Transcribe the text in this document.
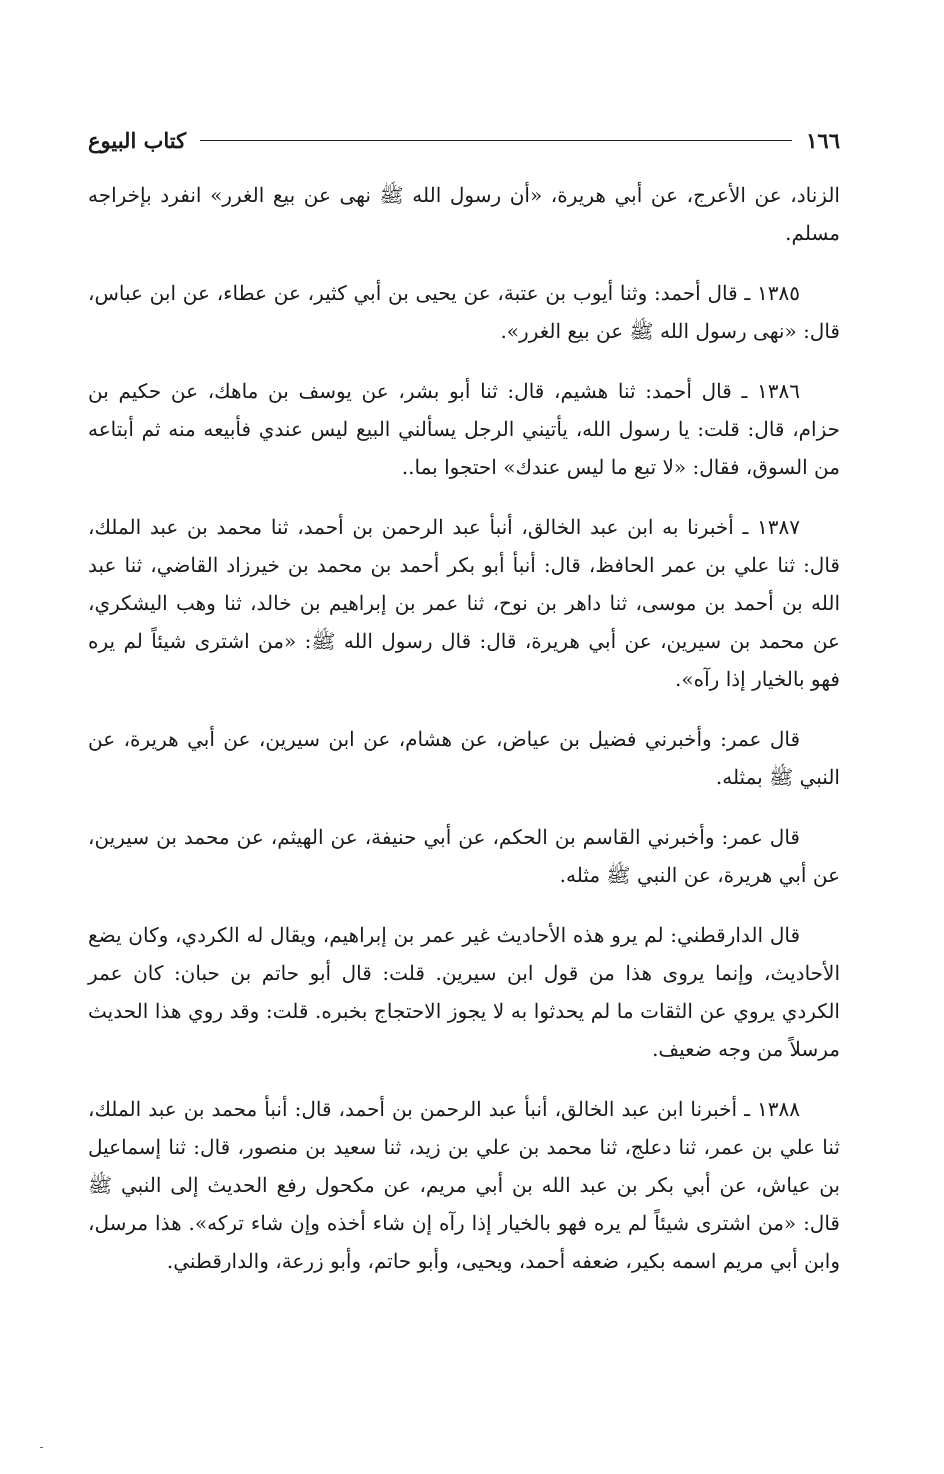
١٦٦
كتاب البيوع

الزناد، عن الأعرج، عن أبي هريرة، «أن رسول الله ﷺ نهى عن بيع الغرر» انفرد بإخراجه مسلم.

١٣٨٥ ـ قال أحمد: وثنا أيوب بن عتبة، عن يحيى بن أبي كثير، عن عطاء، عن ابن عباس، قال: «نهى رسول الله ﷺ عن بيع الغرر».

١٣٨٦ ـ قال أحمد: ثنا هشيم، قال: ثنا أبو بشر، عن يوسف بن ماهك، عن حكيم بن حزام، قال: قلت: يا رسول الله، يأتيني الرجل يسألني البيع ليس عندي فأبيعه منه ثم أبتاعه من السوق، فقال: «لا تبع ما ليس عندك» احتجوا بما..

١٣٨٧ ـ أخبرنا به ابن عبد الخالق، أنبأ عبد الرحمن بن أحمد، ثنا محمد بن عبد الملك، قال: ثنا علي بن عمر الحافظ، قال: أنبأ أبو بكر أحمد بن محمد بن خيرزاد القاضي، ثنا عبد الله بن أحمد بن موسى، ثنا داهر بن نوح، ثنا عمر بن إبراهيم بن خالد، ثنا وهب اليشكري، عن محمد بن سيرين، عن أبي هريرة، قال: قال رسول الله ﷺ: «من اشترى شيئاً لم يره فهو بالخيار إذا رآه».

قال عمر: وأخبرني فضيل بن عياض، عن هشام، عن ابن سيرين، عن أبي هريرة، عن النبي ﷺ بمثله.

قال عمر: وأخبرني القاسم بن الحكم، عن أبي حنيفة، عن الهيثم، عن محمد بن سيرين، عن أبي هريرة، عن النبي ﷺ مثله.

قال الدارقطني: لم يرو هذه الأحاديث غير عمر بن إبراهيم، ويقال له الكردي، وكان يضع الأحاديث، وإنما يروى هذا من قول ابن سيرين. قلت: قال أبو حاتم بن حبان: كان عمر الكردي يروي عن الثقات ما لم يحدثوا به لا يجوز الاحتجاج بخبره. قلت: وقد روي هذا الحديث مرسلاً من وجه ضعيف.

١٣٨٨ ـ أخبرنا ابن عبد الخالق، أنبأ عبد الرحمن بن أحمد، قال: أنبأ محمد بن عبد الملك، ثنا علي بن عمر، ثنا دعلج، ثنا محمد بن علي بن زيد، ثنا سعيد بن منصور، قال: ثنا إسماعيل بن عياش، عن أبي بكر بن عبد الله بن أبي مريم، عن مكحول رفع الحديث إلى النبي ﷺ قال: «من اشترى شيئاً لم يره فهو بالخيار إذا رآه إن شاء أخذه وإن شاء تركه». هذا مرسل، وابن أبي مريم اسمه بكير، ضعفه أحمد، ويحيى، وأبو حاتم، وأبو زرعة، والدارقطني.

ـ
